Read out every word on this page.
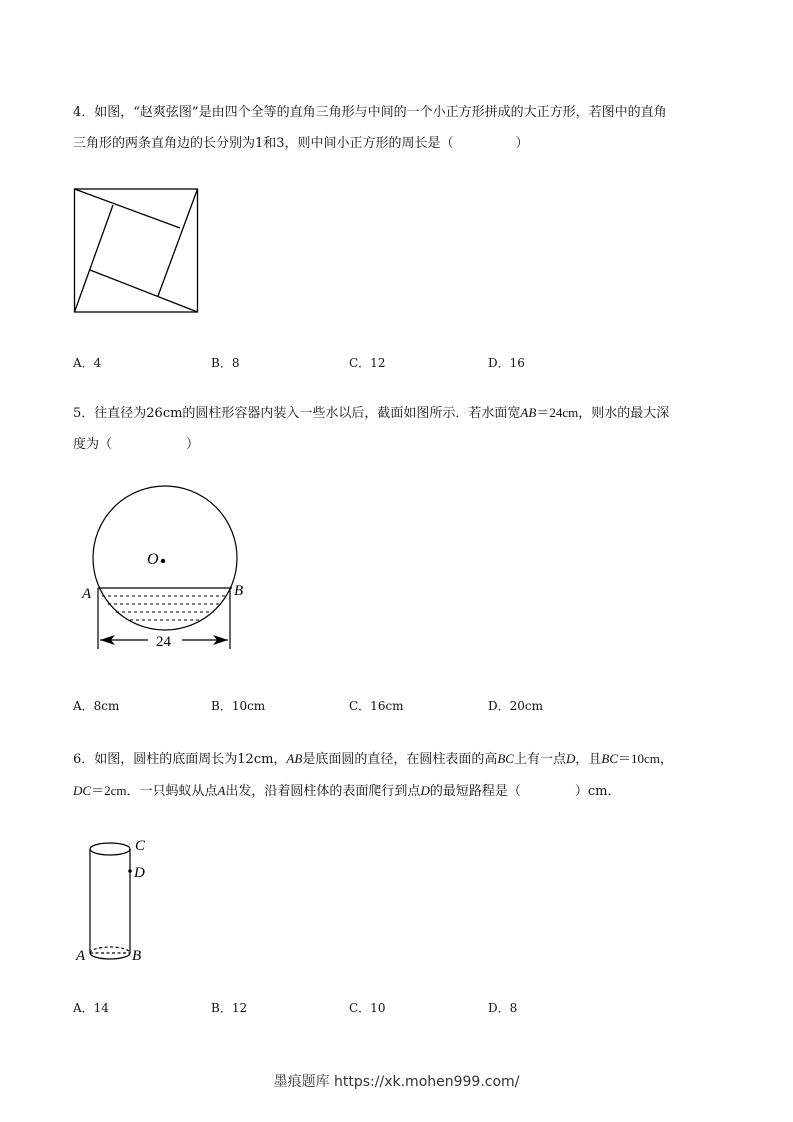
4．如图，“赵爽弦图”是由四个全等的直角三角形与中间的一个小正方形拼成的大正方形，若图中的直角
三角形的两条直角边的长分别为1和3，则中间小正方形的周长是（	）
A．4	B．8	C．12	D．16
5．往直径为26cm的圆柱形容器内装入一些水以后，截面如图所示．若水面宽AB＝24cm，则水的最大深
度为（	）
O
A	B
24
A．8cm	B．10cm	C．16cm	D．20cm
6．如图，圆柱的底面周长为12cm，AB是底面圆的直径，在圆柱表面的高BC上有一点D，且BC＝10cm，
DC＝2cm．一只蚂蚁从点A出发，沿着圆柱体的表面爬行到点D的最短路程是（	）cm．
C
D
A	B
A．14	B．12	C．10	D．8
墨痕题库 https://xk.mohen999.com/
